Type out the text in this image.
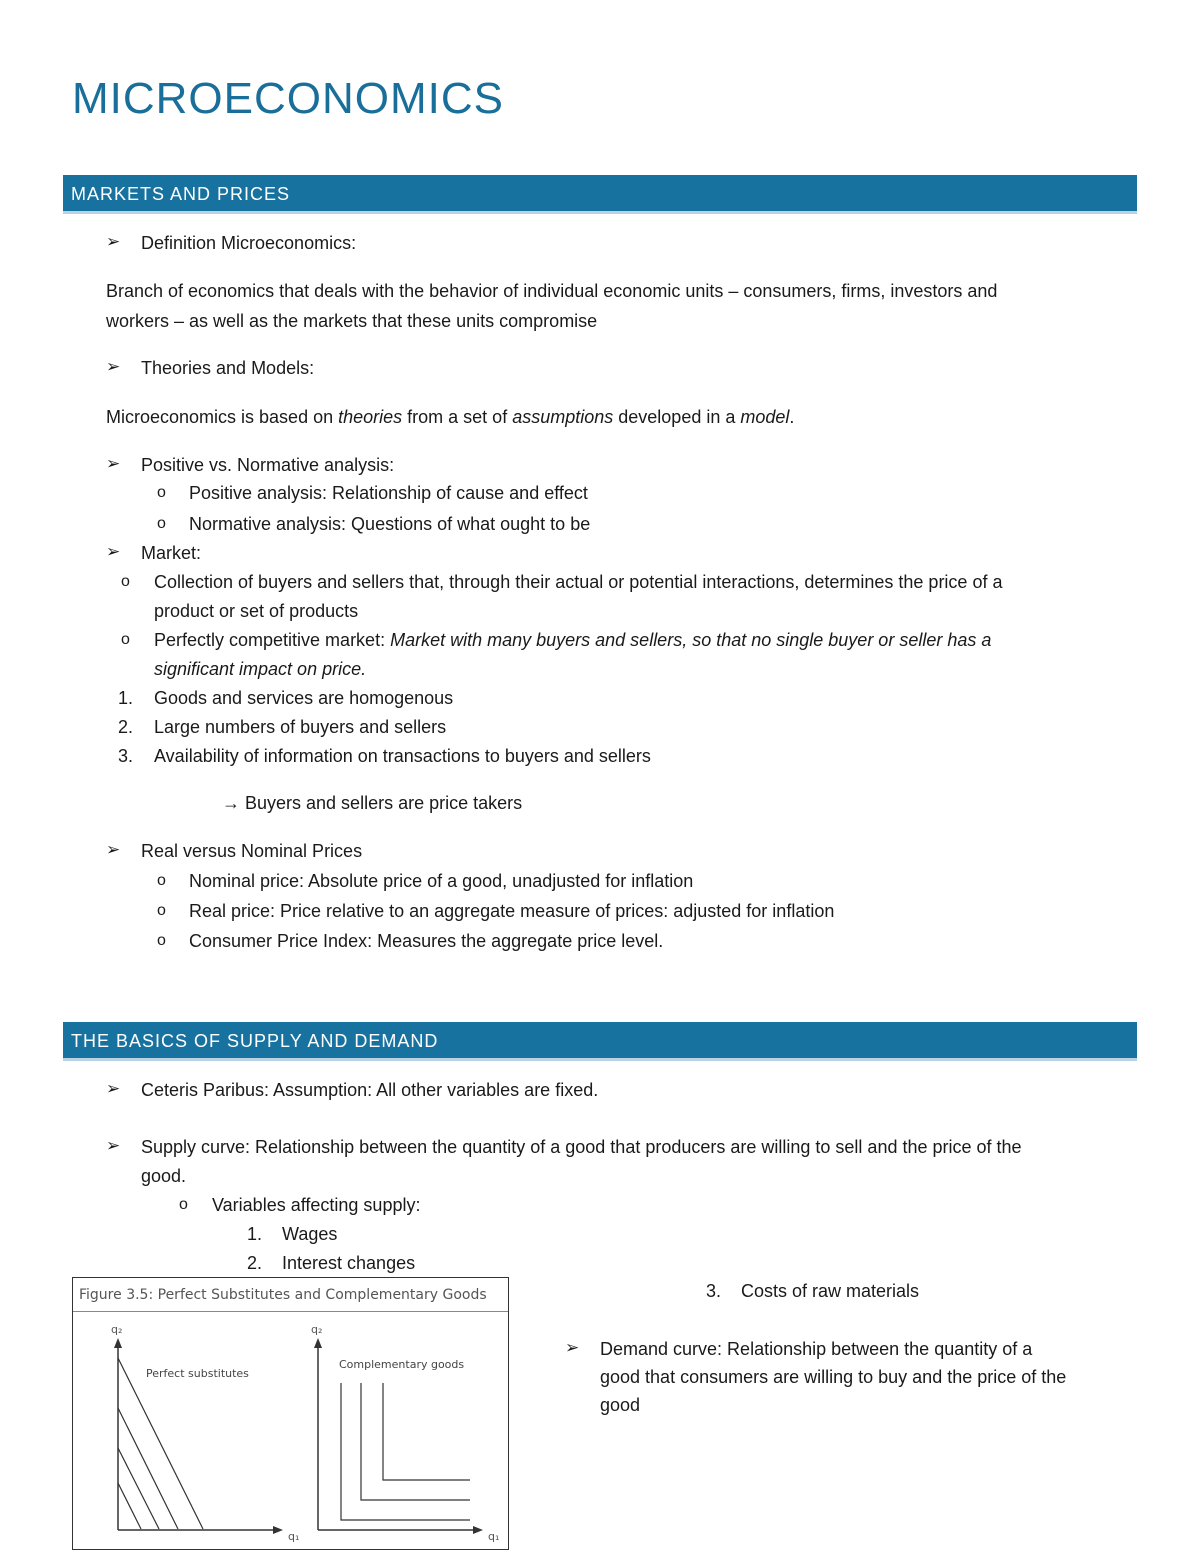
MICROECONOMICS
MARKETS AND PRICES
➢ Definition Microeconomics:
Branch of economics that deals with the behavior of individual economic units – consumers, firms, investors and
workers – as well as the markets that these units compromise
➢ Theories and Models:
Microeconomics is based on theories from a set of assumptions developed in a model.
➢ Positive vs. Normative analysis:
o Positive analysis: Relationship of cause and effect
o Normative analysis: Questions of what ought to be
➢ Market:
o Collection of buyers and sellers that, through their actual or potential interactions, determines the price of a
product or set of products
o Perfectly competitive market: Market with many buyers and sellers, so that no single buyer or seller has a
significant impact on price.
1. Goods and services are homogenous
2. Large numbers of buyers and sellers
3. Availability of information on transactions to buyers and sellers
→ Buyers and sellers are price takers
➢ Real versus Nominal Prices
o Nominal price: Absolute price of a good, unadjusted for inflation
o Real price: Price relative to an aggregate measure of prices: adjusted for inflation
o Consumer Price Index: Measures the aggregate price level.
THE BASICS OF SUPPLY AND DEMAND
➢ Ceteris Paribus: Assumption: All other variables are fixed.
➢ Supply curve: Relationship between the quantity of a good that producers are willing to sell and the price of the
good.
o Variables affecting supply:
1. Wages
2. Interest changes
3. Costs of raw materials
➢ Demand curve: Relationship between the quantity of a
good that consumers are willing to buy and the price of the
good
Figure 3.5: Perfect Substitutes and Complementary Goods
q₂
q₁
Perfect substitutes
q₂
q₁
Complementary goods
